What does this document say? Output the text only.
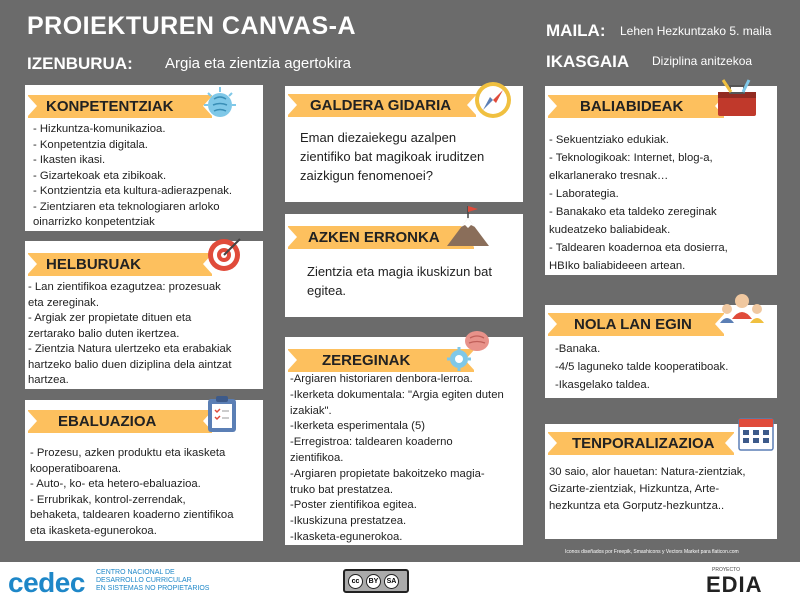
PROIEKTUREN CANVAS-A	MAILA: Lehen Hezkuntzako 5. maila
IZENBURUA: Argia eta zientzia agertokira	IKASGAIA Diziplina anitzekoa
KONPETENTZIAK
- Hizkuntza-komunikazioa.
- Konpetentzia digitala.
- Ikasten ikasi.
- Gizartekoak eta zibikoak.
- Kontzientzia eta kultura-adierazpenak.
- Zientziaren eta teknologiaren arloko
oinarrizko konpetentziak
HELBURUAK
- Lan zientifikoa ezagutzea: prozesuak
eta zereginak.
- Argiak zer propietate dituen eta
zertarako balio duten ikertzea.
- Zientzia Natura ulertzeko eta erabakiak
hartzeko balio duen diziplina dela aintzat
hartzea.
EBALUAZIOA
- Prozesu, azken produktu eta ikasketa
kooperatiboarena.
- Auto-, ko- eta hetero-ebaluazioa.
- Errubrikak, kontrol-zerrendak,
behaketa, taldearen koaderno zientifikoa
eta ikasketa-egunerokoa.
GALDERA GIDARIA
Eman diezaiekegu azalpen
zientifiko bat magikoak iruditzen
zaizkigun fenomenoei?
AZKEN ERRONKA
Zientzia eta magia ikuskizun bat
egitea.
ZEREGINAK
-Argiaren historiaren denbora-lerroa.
-Ikerketa dokumentala: "Argia egiten duten
izakiak".
-Ikerketa esperimentala (5)
-Erregistroa: taldearen koaderno
zientifikoa.
-Argiaren propietate bakoitzeko magia-
truko bat prestatzea.
-Poster zientifikoa egitea.
-Ikuskizuna prestatzea.
-Ikasketa-egunerokoa.
BALIABIDEAK
- Sekuentziako edukiak.
- Teknologikoak: Internet, blog-a,
elkarlanerako tresnak…
- Laborategia.
- Banakako eta taldeko zereginak
kudeatzeko baliabideak.
- Taldearen koadernoa eta dosierra,
HBIko baliabideeen artean.
NOLA LAN EGIN
-Banaka.
-4/5 laguneko talde kooperatiboak.
-Ikasgelako taldea.
TENPORALIZAZIOA
30 saio, alor hauetan: Natura-zientziak,
Gizarte-zientziak, Hizkuntza, Arte-
hezkuntza eta Gorputz-hezkuntza..
Iconos diseñados por Freepik, Smashicons y Vectors Market para flaticon.com
cedec CENTRO NACIONAL DE
DESARROLLO CURRICULAR
EN SISTEMAS NO PROPIETARIOS
cc	BY	SA
PROYECTO
EDIA
